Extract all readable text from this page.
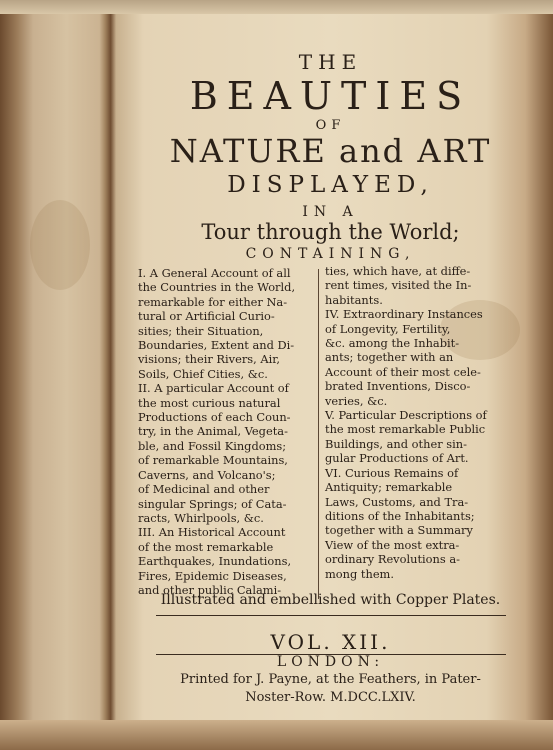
THE
BEAUTIES
OF
NATURE and ART
DISPLAYED,
IN A
Tour through the World;
CONTAINING,
I. A General Account of all
the Countries in the World,
remarkable for either Na-
tural or Artificial Curio-
sities; their Situation,
Boundaries, Extent and Di-
visions; their Rivers, Air,
Soils, Chief Cities, &c.
II. A particular Account of
the most curious natural
Productions of each Coun-
try, in the Animal, Vegeta-
ble, and Fossil Kingdoms;
of remarkable Mountains,
Caverns, and Volcano's;
of Medicinal and other
singular Springs; of Cata-
racts, Whirlpools, &c.
III. An Historical Account
of the most remarkable
Earthquakes, Inundations,
Fires, Epidemic Diseases,
and other public Calami-
ties, which have, at diffe-
rent times, visited the In-
habitants.
IV. Extraordinary Instances
of Longevity, Fertility,
&c. among the Inhabit-
ants; together with an
Account of their most cele-
brated Inventions, Disco-
veries, &c.
V. Particular Descriptions of
the most remarkable Public
Buildings, and other sin-
gular Productions of Art.
VI. Curious Remains of
Antiquity; remarkable
Laws, Customs, and Tra-
ditions of the Inhabitants;
together with a Summary
View of the most extra-
ordinary Revolutions a-
mong them.
Illustrated and embellished with Copper Plates.
VOL. XII.
LONDON:
Printed for J. Payne, at the Feathers, in Pater-
Noster-Row. M.DCC.LXIV.
